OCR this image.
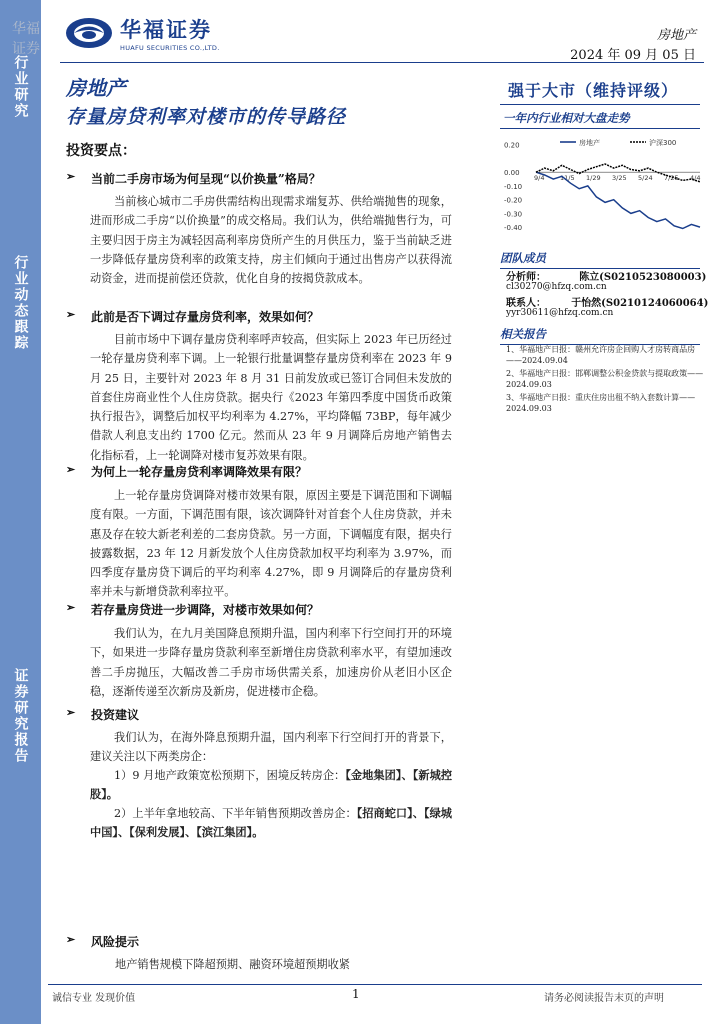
华福证券
行业研究
行业动态跟踪
证券研究报告
华福证券
HUAFU SECURITIES CO.,LTD.
房地产
2024 年 09 月 05 日
房地产
存量房贷利率对楼市的传导路径
投资要点：
强于大市（维持评级）
一年内行业相对大盘走势
0.20
0.00
-0.10
-0.20
-0.30
-0.40
9/4 11/5 1/29 3/25 5/24 7/25 4/4
房地产	沪深300
团队成员
分析师：	陈立(S0210523080003)
cl30270@hfzq.com.cn
联系人：	于怡然(S0210124060064)
yyr30611@hfzq.com.cn
相关报告
1、华福地产日报：赣州允许房企回购人才房转商品房——2024.09.04
2、华福地产日报：邯郸调整公积金贷款与提取政策——2024.09.03
3、华福地产日报：重庆住房出租不纳入套数计算——2024.09.03
➢	当前二手房市场为何呈现“以价换量”格局？
当前核心城市二手房供需结构出现需求端复苏、供给端抛售的现象，进而形成二手房“以价换量”的成交格局。我们认为，供给端抛售行为，可主要归因于房主为减轻因高利率房贷所产生的月供压力，鉴于当前缺乏进一步降低存量房贷利率的政策支持，房主们倾向于通过出售房产以获得流动资金，进而提前偿还贷款，优化自身的按揭贷款成本。
➢	此前是否下调过存量房贷利率，效果如何？
目前市场中下调存量房贷利率呼声较高，但实际上 2023 年已历经过一轮存量房贷利率下调。上一轮银行批量调整存量房贷利率在 2023 年 9 月 25 日，主要针对 2023 年 8 月 31 日前发放或已签订合同但未发放的首套住房商业性个人住房贷款。据央行《2023 年第四季度中国货币政策执行报告》，调整后加权平均利率为 4.27%，平均降幅 73BP，每年减少借款人利息支出约 1700 亿元。然而从 23 年 9 月调降后房地产销售去化指标看，上一轮调降对楼市复苏效果有限。
➢	为何上一轮存量房贷利率调降效果有限？
上一轮存量房贷调降对楼市效果有限，原因主要是下调范围和下调幅度有限。一方面，下调范围有限，该次调降针对首套个人住房贷款，并未惠及存在较大新老利差的二套房贷款。另一方面，下调幅度有限，据央行披露数据，23 年 12 月新发放个人住房贷款加权平均利率为 3.97%，而四季度存量房贷下调后的平均利率 4.27%，即 9 月调降后的存量房贷利率并未与新增贷款利率拉平。
➢	若存量房贷进一步调降，对楼市效果如何？
我们认为，在九月美国降息预期升温，国内利率下行空间打开的环境下，如果进一步降存量房贷款利率至新增住房贷款利率水平，有望加速改善二手房抛压，大幅改善二手房市场供需关系，加速房价从老旧小区企稳，逐渐传递至次新房及新房，促进楼市企稳。
➢	投资建议
我们认为，在海外降息预期升温，国内利率下行空间打开的背景下，建议关注以下两类房企：
1）9 月地产政策宽松预期下，困境反转房企：【金地集团】、【新城控股】。
2）上半年拿地较高、下半年销售预期改善房企：【招商蛇口】、【绿城中国】、【保利发展】、【滨江集团】。
➢	风险提示
地产销售规模下降超预期、融资环境超预期收紧
诚信专业 发现价值	1	请务必阅读报告末页的声明
